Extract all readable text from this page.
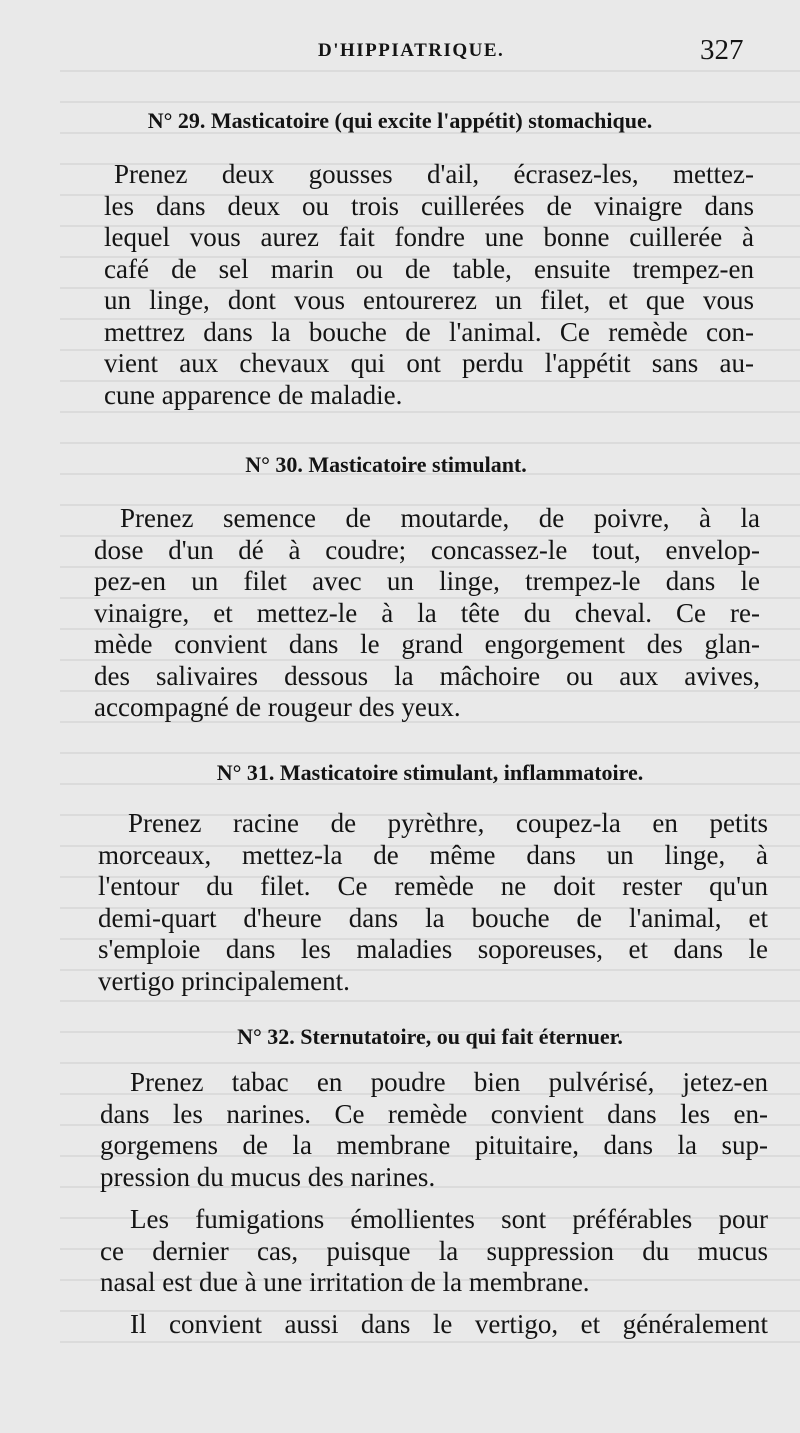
D'HIPPIATRIQUE.	327
N° 29. Masticatoire (qui excite l'appétit) stomachique.
Prenez deux gousses d'ail, écrasez-les, mettez-
les dans deux ou trois cuillerées de vinaigre dans
lequel vous aurez fait fondre une bonne cuillerée à
café de sel marin ou de table, ensuite trempez-en
un linge, dont vous entourerez un filet, et que vous
mettrez dans la bouche de l'animal. Ce remède con-
vient aux chevaux qui ont perdu l'appétit sans au-
cune apparence de maladie.
N° 30. Masticatoire stimulant.
Prenez semence de moutarde, de poivre, à la
dose d'un dé à coudre; concassez-le tout, envelop-
pez-en un filet avec un linge, trempez-le dans le
vinaigre, et mettez-le à la tête du cheval. Ce re-
mède convient dans le grand engorgement des glan-
des salivaires dessous la mâchoire ou aux avives,
accompagné de rougeur des yeux.
N° 31. Masticatoire stimulant, inflammatoire.
Prenez racine de pyrèthre, coupez-la en petits
morceaux, mettez-la de même dans un linge, à
l'entour du filet. Ce remède ne doit rester qu'un
demi-quart d'heure dans la bouche de l'animal, et
s'emploie dans les maladies soporeuses, et dans le
vertigo principalement.
N° 32. Sternutatoire, ou qui fait éternuer.
Prenez tabac en poudre bien pulvérisé, jetez-en
dans les narines. Ce remède convient dans les en-
gorgemens de la membrane pituitaire, dans la sup-
pression du mucus des narines.
Les fumigations émollientes sont préférables pour
ce dernier cas, puisque la suppression du mucus
nasal est due à une irritation de la membrane.
Il convient aussi dans le vertigo, et généralement
